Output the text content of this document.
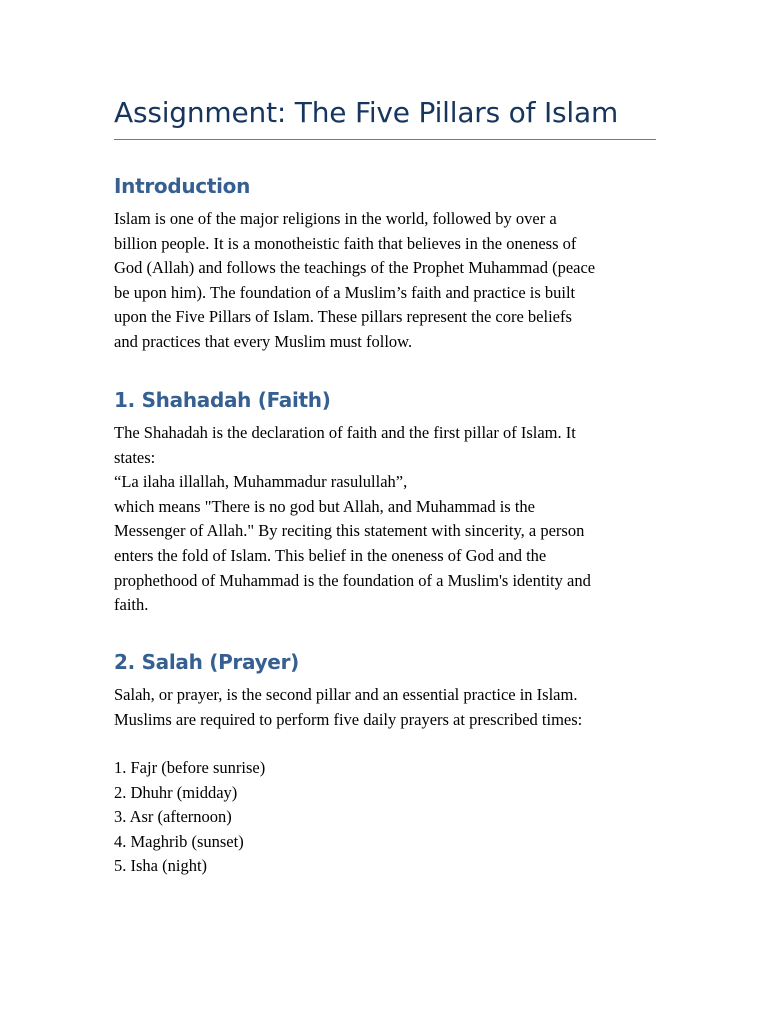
Assignment: The Five Pillars of Islam
Introduction

Islam is one of the major religions in the world, followed by over a
billion people. It is a monotheistic faith that believes in the oneness of
God (Allah) and follows the teachings of the Prophet Muhammad (peace
be upon him). The foundation of a Muslim’s faith and practice is built
upon the Five Pillars of Islam. These pillars represent the core beliefs
and practices that every Muslim must follow.

1. Shahadah (Faith)

The Shahadah is the declaration of faith and the first pillar of Islam. It
states:
“La ilaha illallah, Muhammadur rasulullah”,
which means "There is no god but Allah, and Muhammad is the
Messenger of Allah." By reciting this statement with sincerity, a person
enters the fold of Islam. This belief in the oneness of God and the
prophethood of Muhammad is the foundation of a Muslim's identity and
faith.

2. Salah (Prayer)

Salah, or prayer, is the second pillar and an essential practice in Islam.
Muslims are required to perform five daily prayers at prescribed times:

1. Fajr (before sunrise)
2. Dhuhr (midday)
3. Asr (afternoon)
4. Maghrib (sunset)
5. Isha (night)
